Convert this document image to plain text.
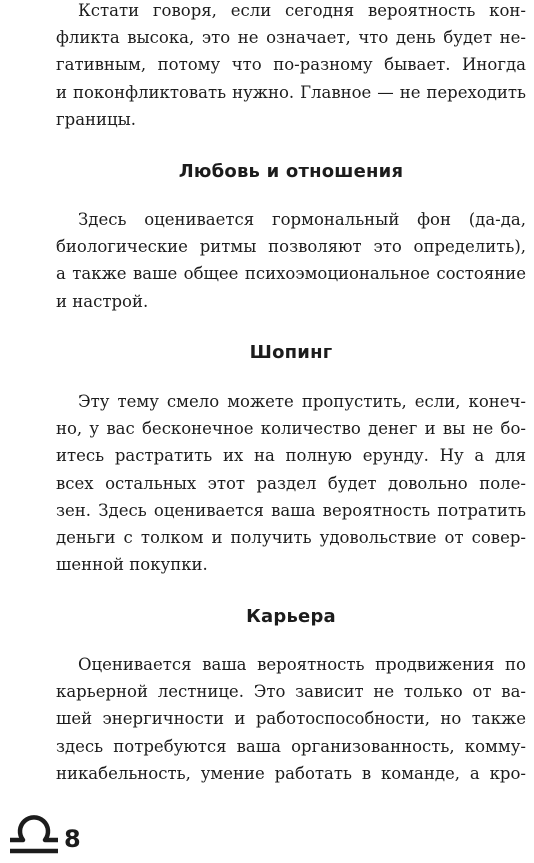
Кстати говоря, если сегодня вероятность кон-
фликта высока, это не означает, что день будет не-
гативным, потому что по-разному бывает. Иногда
и поконфликтовать нужно. Главное — не переходить
границы.
Любовь и отношения
Здесь оценивается гормональный фон (да-да,
биологические ритмы позволяют это определить),
а также ваше общее психоэмоциональное состояние
и настрой.
Шопинг
Эту тему смело можете пропустить, если, конеч-
но, у вас бесконечное количество денег и вы не бо-
итесь растратить их на полную ерунду. Ну а для
всех остальных этот раздел будет довольно поле-
зен. Здесь оценивается ваша вероятность потратить
деньги с толком и получить удовольствие от совер-
шенной покупки.
Карьера
Оценивается ваша вероятность продвижения по
карьерной лестнице. Это зависит не только от ва-
шей энергичности и работоспособности, но также
здесь потребуются ваша организованность, комму-
никабельность, умение работать в команде, а кро-
8
